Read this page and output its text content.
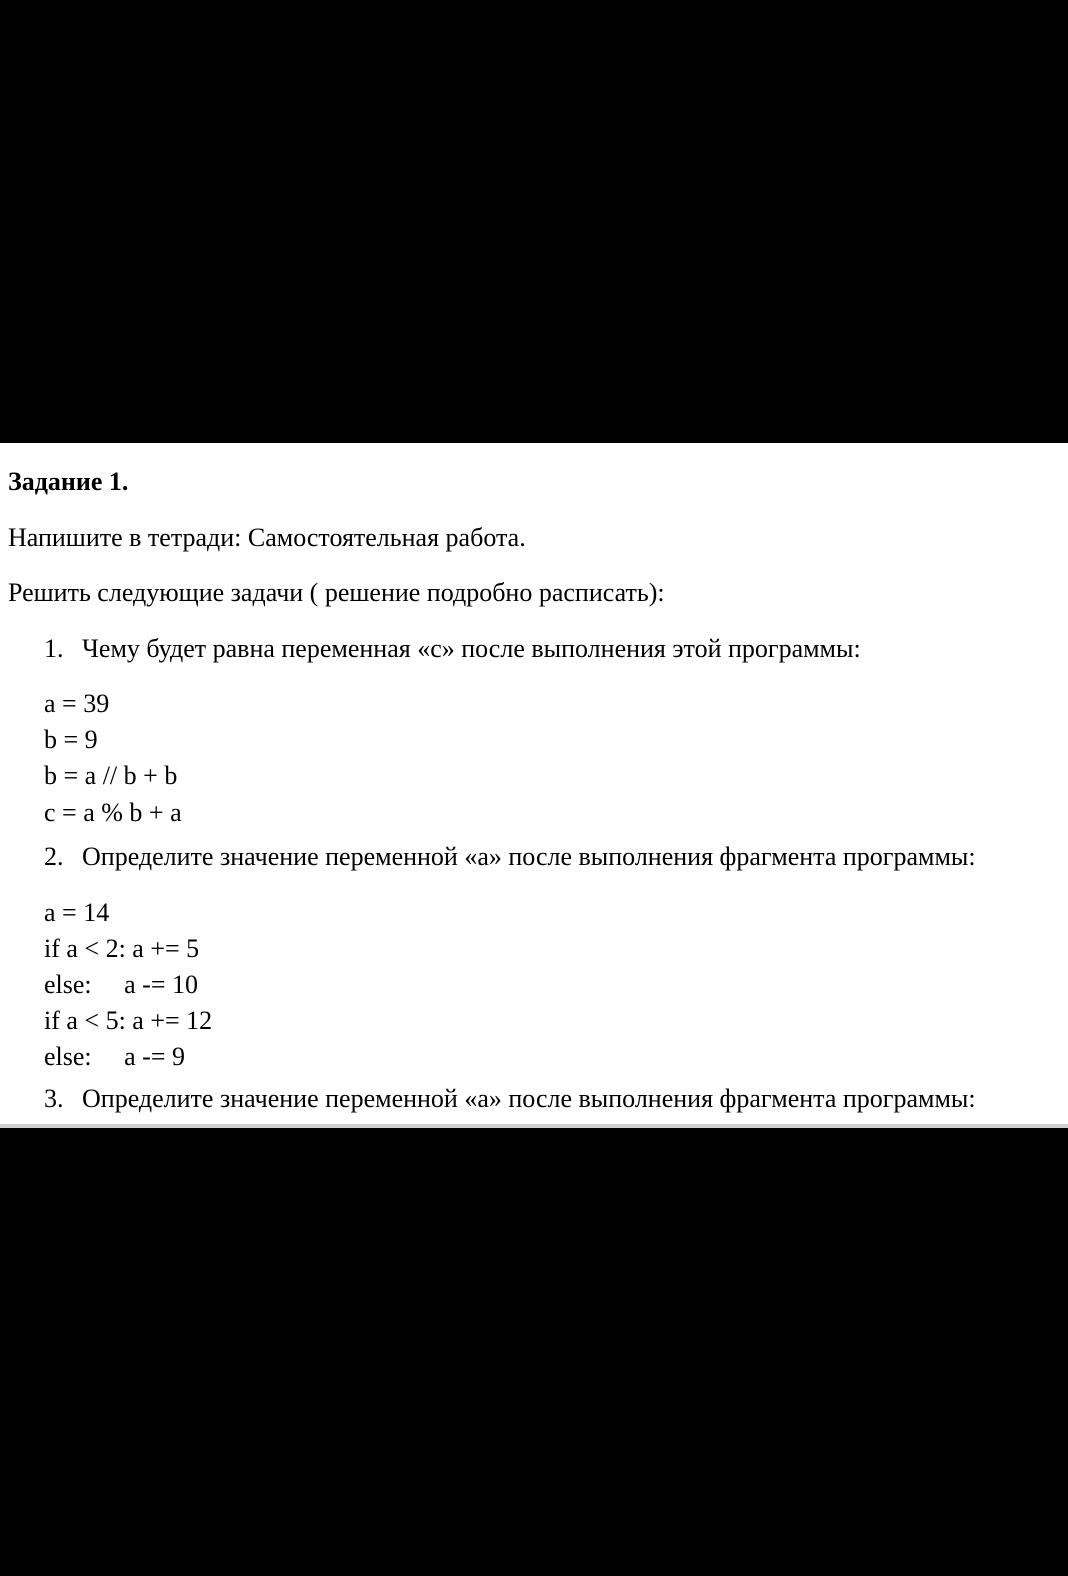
Задание 1.
Напишите в тетради: Самостоятельная работа.
Решить следующие задачи ( решение подробно расписать):
1. Чему будет равна переменная «с» после выполнения этой программы:
a = 39
b = 9
b = a // b + b
c = a % b + a
2. Определите значение переменной «а» после выполнения фрагмента программы:
a = 14
if a < 2: a += 5
else:     a -= 10
if a < 5: a += 12
else:     a -= 9
3. Определите значение переменной «а» после выполнения фрагмента программы:
